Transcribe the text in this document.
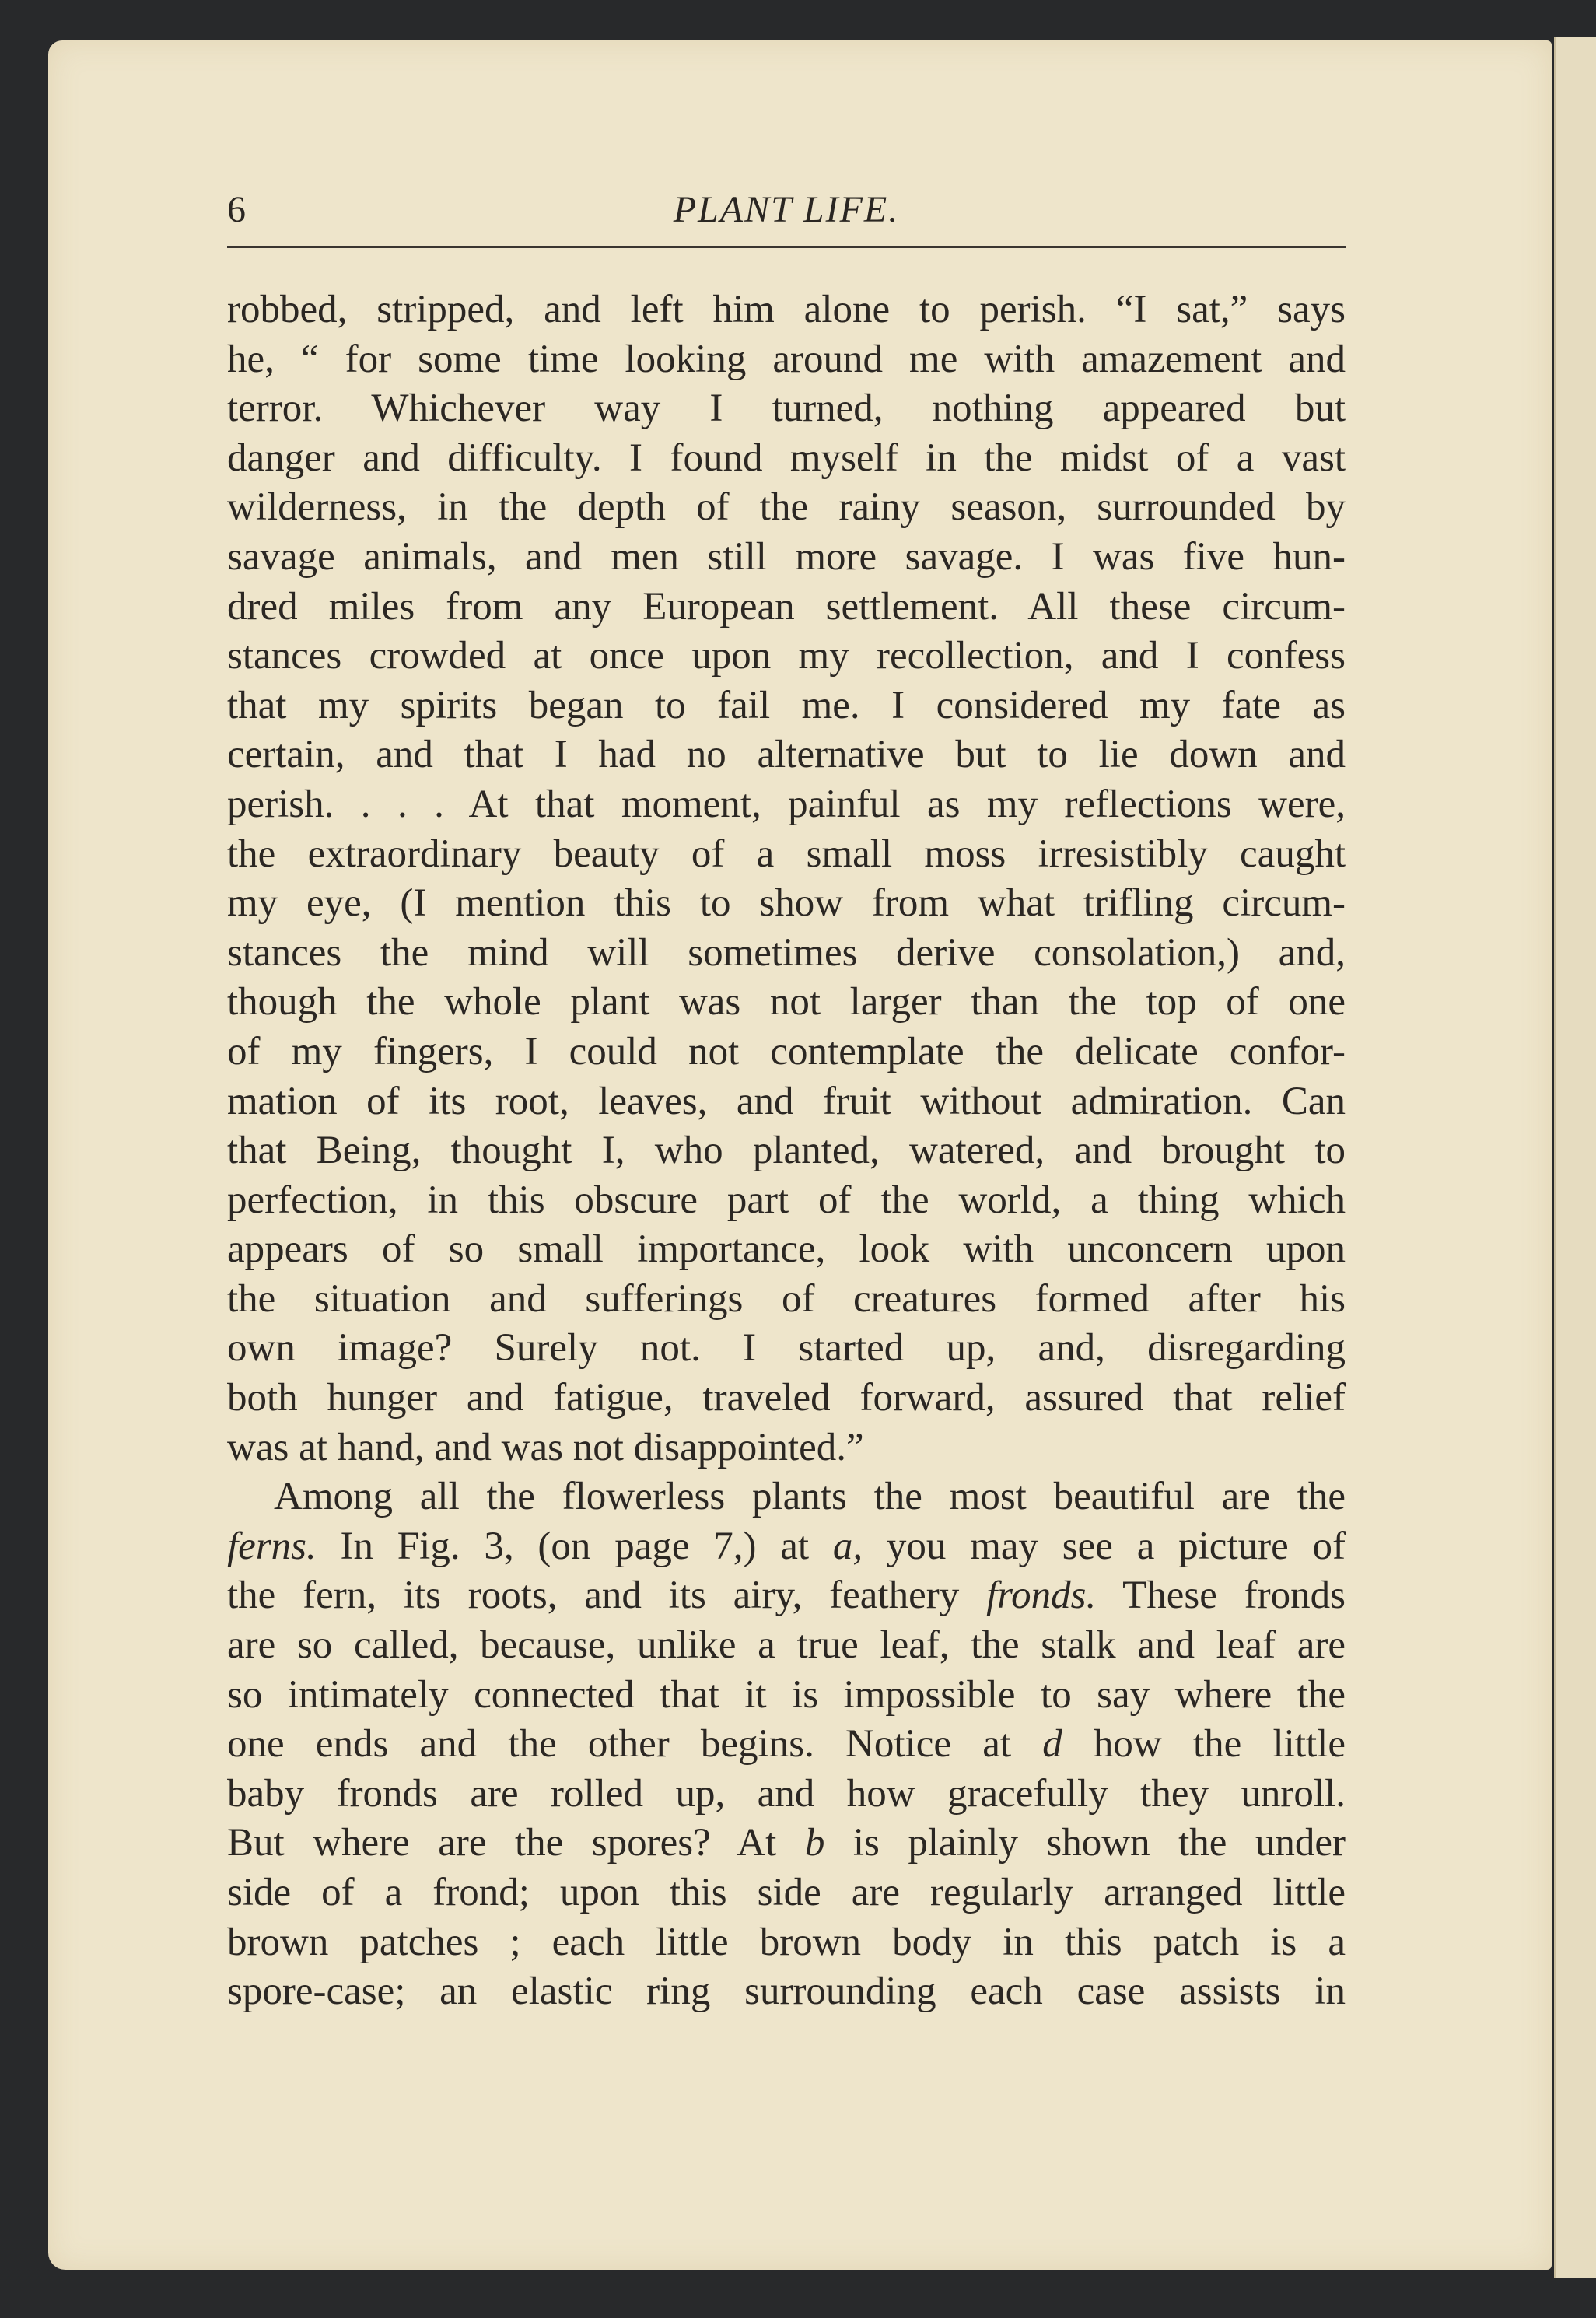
6	PLANT LIFE.
robbed, stripped, and left him alone to perish. “I sat,” says
he, “ for some time looking around me with amazement and
terror. Whichever way I turned, nothing appeared but
danger and difficulty. I found myself in the midst of a vast
wilderness, in the depth of the rainy season, surrounded by
savage animals, and men still more savage. I was five hun-
dred miles from any European settlement. All these circum-
stances crowded at once upon my recollection, and I confess
that my spirits began to fail me. I considered my fate as
certain, and that I had no alternative but to lie down and
perish. . . . At that moment, painful as my reflections were,
the extraordinary beauty of a small moss irresistibly caught
my eye, (I mention this to show from what trifling circum-
stances the mind will sometimes derive consolation,) and,
though the whole plant was not larger than the top of one
of my fingers, I could not contemplate the delicate confor-
mation of its root, leaves, and fruit without admiration. Can
that Being, thought I, who planted, watered, and brought to
perfection, in this obscure part of the world, a thing which
appears of so small importance, look with unconcern upon
the situation and sufferings of creatures formed after his
own image? Surely not. I started up, and, disregarding
both hunger and fatigue, traveled forward, assured that relief
was at hand, and was not disappointed.”
Among all the flowerless plants the most beautiful are the
ferns. In Fig. 3, (on page 7,) at a, you may see a picture of
the fern, its roots, and its airy, feathery fronds. These fronds
are so called, because, unlike a true leaf, the stalk and leaf are
so intimately connected that it is impossible to say where the
one ends and the other begins. Notice at d how the little
baby fronds are rolled up, and how gracefully they unroll.
But where are the spores? At b is plainly shown the under
side of a frond; upon this side are regularly arranged little
brown patches ; each little brown body in this patch is a
spore-case; an elastic ring surrounding each case assists in
